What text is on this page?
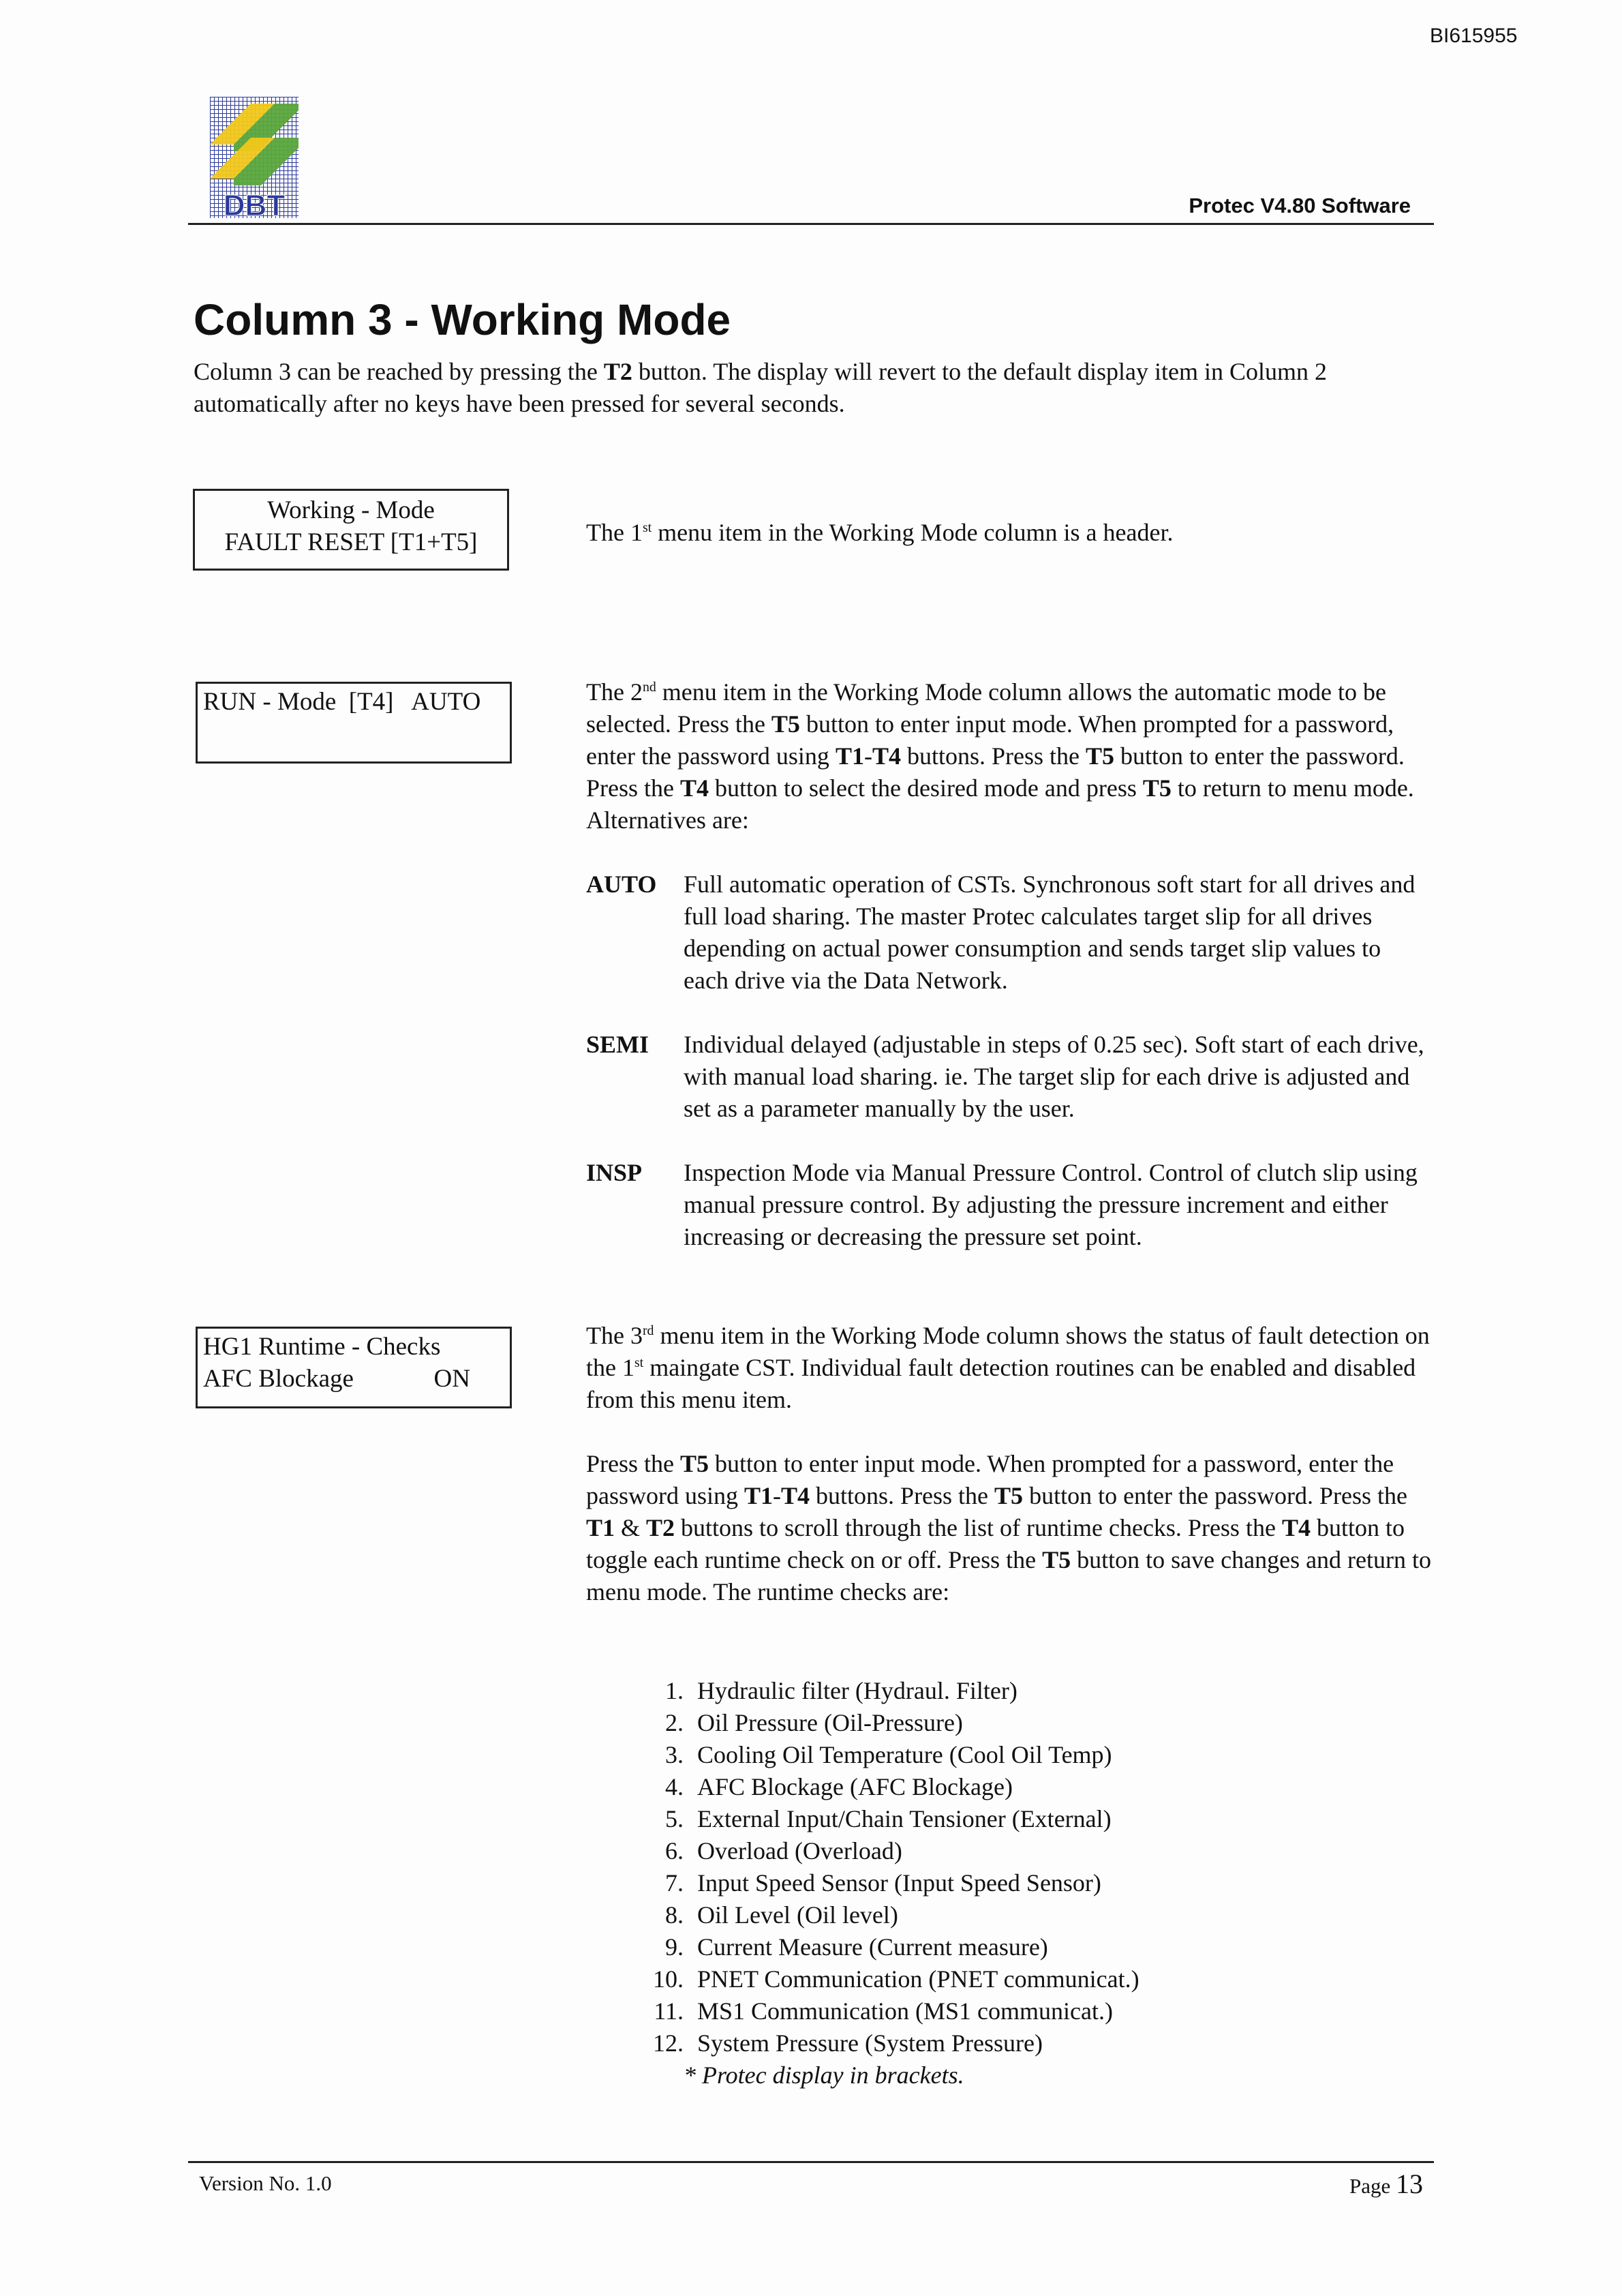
BI615955
DBT	Protec V4.80 Software
Column 3 - Working Mode
Column 3 can be reached by pressing the T2 button. The display will revert to the default display item in Column 2 automatically after no keys have been pressed for several seconds.
Working - Mode
FAULT RESET [T1+T5]	The 1st menu item in the Working Mode column is a header.
RUN - Mode  [T4]   AUTO	The 2nd menu item in the Working Mode column allows the automatic mode to be selected. Press the T5 button to enter input mode. When prompted for a password, enter the password using T1-T4 buttons. Press the T5 button to enter the password. Press the T4 button to select the desired mode and press T5 to return to menu mode. Alternatives are:
AUTO	Full automatic operation of CSTs. Synchronous soft start for all drives and full load sharing. The master Protec calculates target slip for all drives depending on actual power consumption and sends target slip values to each drive via the Data Network.
SEMI	Individual delayed (adjustable in steps of 0.25 sec). Soft start of each drive, with manual load sharing. ie. The target slip for each drive is adjusted and set as a parameter manually by the user.
INSP	Inspection Mode via Manual Pressure Control. Control of clutch slip using manual pressure control. By adjusting the pressure increment and either increasing or decreasing the pressure set point.
HG1 Runtime - Checks
AFC Blockage	ON
The 3rd menu item in the Working Mode column shows the status of fault detection on the 1st maingate CST. Individual fault detection routines can be enabled and disabled from this menu item.
Press the T5 button to enter input mode. When prompted for a password, enter the password using T1-T4 buttons. Press the T5 button to enter the password. Press the T1 & T2 buttons to scroll through the list of runtime checks. Press the T4 button to toggle each runtime check on or off. Press the T5 button to save changes and return to menu mode. The runtime checks are:
1. Hydraulic filter (Hydraul. Filter)
2. Oil Pressure (Oil-Pressure)
3. Cooling Oil Temperature (Cool Oil Temp)
4. AFC Blockage (AFC Blockage)
5. External Input/Chain Tensioner (External)
6. Overload (Overload)
7. Input Speed Sensor (Input Speed Sensor)
8. Oil Level (Oil level)
9. Current Measure (Current measure)
10. PNET Communication (PNET communicat.)
11. MS1 Communication (MS1 communicat.)
12. System Pressure (System Pressure)
* Protec display in brackets.
Version No. 1.0	Page 13
